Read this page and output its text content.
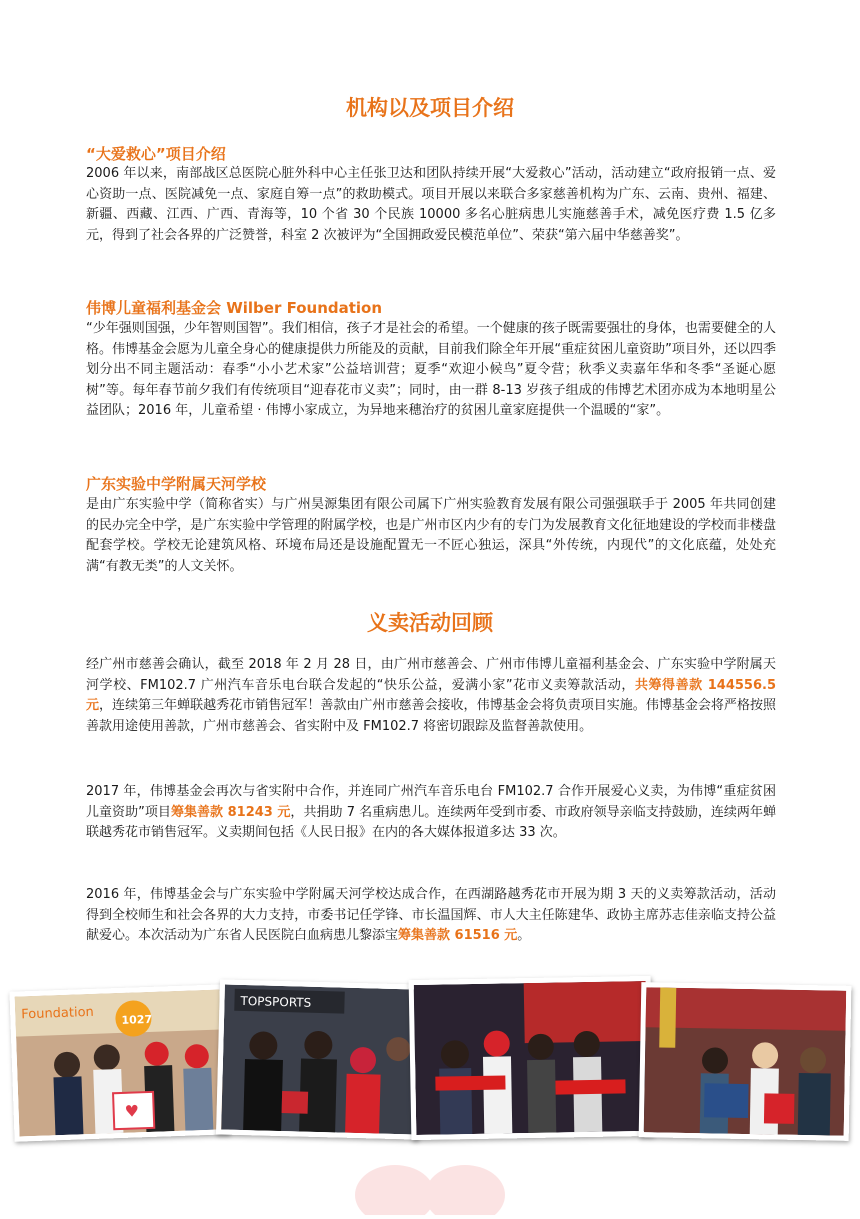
机构以及项目介绍
“大爱救心”项目介绍

2006 年以来，南部战区总医院心脏外科中心主任张卫达和团队持续开展“大爱救心”活动，活动建立“政府报销一点、爱心资助一点、医院减免一点、家庭自筹一点”的救助模式。项目开展以来联合多家慈善机构为广东、云南、贵州、福建、新疆、西藏、江西、广西、青海等，10 个省 30 个民族 10000 多名心脏病患儿实施慈善手术，减免医疗费 1.5 亿多元，得到了社会各界的广泛赞誉，科室 2 次被评为“全国拥政爱民模范单位”、荣获“第六届中华慈善奖”。

伟博儿童福利基金会 Wilber Foundation

“少年强则国强，少年智则国智”。我们相信，孩子才是社会的希望。一个健康的孩子既需要强壮的身体，也需要健全的人格。伟博基金会愿为儿童全身心的健康提供力所能及的贡献，目前我们除全年开展“重症贫困儿童资助”项目外，还以四季划分出不同主题活动：春季“小小艺术家”公益培训营；夏季“欢迎小候鸟”夏令营；秋季义卖嘉年华和冬季“圣诞心愿树”等。每年春节前夕我们有传统项目“迎春花市义卖”；同时，由一群 8-13 岁孩子组成的伟博艺术团亦成为本地明星公益团队；2016 年，儿童希望 · 伟博小家成立，为异地来穗治疗的贫困儿童家庭提供一个温暖的“家”。

广东实验中学附属天河学校

是由广东实验中学（简称省实）与广州昊源集团有限公司属下广州实验教育发展有限公司强强联手于 2005 年共同创建的民办完全中学，是广东实验中学管理的附属学校，也是广州市区内少有的专门为发展教育文化征地建设的学校而非楼盘配套学校。学校无论建筑风格、环境布局还是设施配置无一不匠心独运，深具“外传统，内现代”的文化底蕴，处处充满“有教无类”的人文关怀。

义卖活动回顾

经广州市慈善会确认，截至 2018 年 2 月 28 日，由广州市慈善会、广州市伟博儿童福利基金会、广东实验中学附属天河学校、FM102.7 广州汽车音乐电台联合发起的“快乐公益，爱满小家”花市义卖筹款活动，共筹得善款 144556.5 元，连续第三年蝉联越秀花市销售冠军！善款由广州市慈善会接收，伟博基金会将负责项目实施。伟博基金会将严格按照善款用途使用善款，广州市慈善会、省实附中及 FM102.7 将密切跟踪及监督善款使用。

2017 年，伟博基金会再次与省实附中合作，并连同广州汽车音乐电台 FM102.7 合作开展爱心义卖，为伟博“重症贫困儿童资助”项目筹集善款 81243 元，共捐助 7 名重病患儿。连续两年受到市委、市政府领导亲临支持鼓励，连续两年蝉联越秀花市销售冠军。义卖期间包括《人民日报》在内的各大媒体报道多达 33 次。

2016 年，伟博基金会与广东实验中学附属天河学校达成合作，在西湖路越秀花市开展为期 3 天的义卖筹款活动，活动得到全校师生和社会各界的大力支持，市委书记任学锋、市长温国辉、市人大主任陈建华、政协主席苏志佳亲临支持公益献爱心。本次活动为广东省人民医院白血病患儿黎添宝筹集善款 61516 元。

Foundation 1027
♥
TOPSPORTS
